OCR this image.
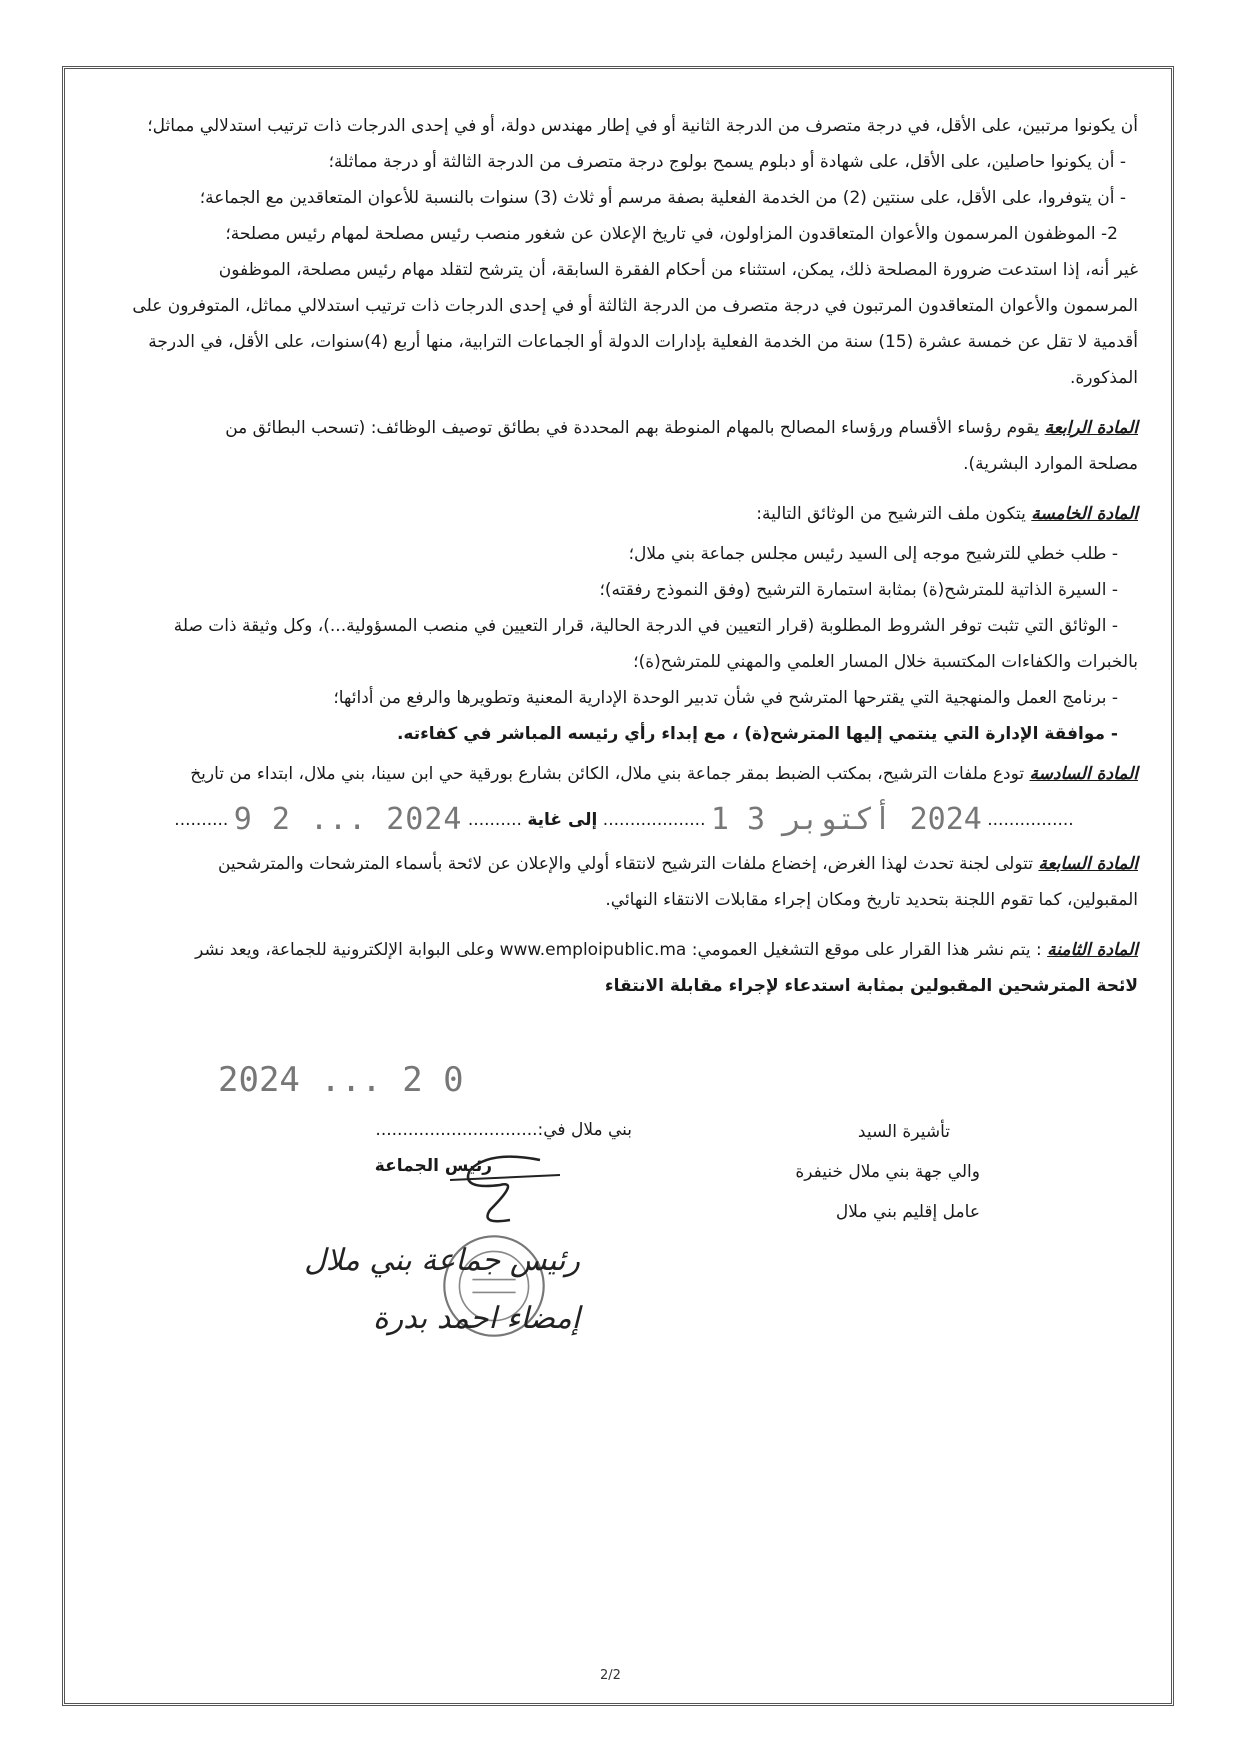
أن يكونوا مرتبين، على الأقل، في درجة متصرف من الدرجة الثانية أو في إطار مهندس دولة، أو في إحدى الدرجات ذات ترتيب استدلالي مماثل؛

- أن يكونوا حاصلين، على الأقل، على شهادة أو دبلوم يسمح بولوج درجة متصرف من الدرجة الثالثة أو درجة مماثلة؛

- أن يتوفروا، على الأقل، على سنتين (2) من الخدمة الفعلية بصفة مرسم أو ثلاث (3) سنوات بالنسبة للأعوان المتعاقدين مع الجماعة؛

2- الموظفون المرسمون والأعوان المتعاقدون المزاولون، في تاريخ الإعلان عن شغور منصب رئيس مصلحة لمهام رئيس مصلحة؛

غير أنه، إذا استدعت ضرورة المصلحة ذلك، يمكن، استثناء من أحكام الفقرة السابقة، أن يترشح لتقلد مهام رئيس مصلحة، الموظفون

المرسمون والأعوان المتعاقدون المرتبون في درجة متصرف من الدرجة الثالثة أو في إحدى الدرجات ذات ترتيب استدلالي مماثل، المتوفرون على

أقدمية لا تقل عن خمسة عشرة (15) سنة من الخدمة الفعلية بإدارات الدولة أو الجماعات الترابية، منها أربع (4)سنوات، على الأقل، في الدرجة

المذكورة.

المادة الرابعة يقوم رؤساء الأقسام ورؤساء المصالح بالمهام المنوطة بهم المحددة في بطائق توصيف الوظائف: (تسحب البطائق من

مصلحة الموارد البشرية).

المادة الخامسة يتكون ملف الترشيح من الوثائق التالية:

- طلب خطي للترشيح موجه إلى السيد رئيس مجلس جماعة بني ملال؛

- السيرة الذاتية للمترشح(ة) بمثابة استمارة الترشيح (وفق النموذج رفقته)؛

- الوثائق التي تثبت توفر الشروط المطلوبة (قرار التعيين في الدرجة الحالية، قرار التعيين في منصب المسؤولية...)، وكل وثيقة ذات صلة

بالخبرات والكفاءات المكتسبة خلال المسار العلمي والمهني للمترشح(ة)؛

- برنامج العمل والمنهجية التي يقترحها المترشح في شأن تدبير الوحدة الإدارية المعنية وتطويرها والرفع من أدائها؛

- موافقة الإدارة التي ينتمي إليها المترشح(ة) ، مع إبداء رأي رئيسه المباشر في كفاءته.

المادة السادسة تودع ملفات الترشيح، بمكتب الضبط بمقر جماعة بني ملال، الكائن بشارع بورقية حي ابن سينا، بني ملال، ابتداء من تاريخ

................ 2024 أكتوبر 3 1 ................... إلى غاية .......... 2024 ... 2 9 ..........

المادة السابعة تتولى لجنة تحدث لهذا الغرض، إخضاع ملفات الترشيح لانتقاء أولي والإعلان عن لائحة بأسماء المترشحات والمترشحين

المقبولين، كما تقوم اللجنة بتحديد تاريخ ومكان إجراء مقابلات الانتقاء النهائي.

المادة الثامنة : يتم نشر هذا القرار على موقع التشغيل العمومي: www.emploipublic.ma وعلى البوابة الإلكترونية للجماعة، ويعد نشر

لائحة المترشحين المقبولين بمثابة استدعاء لإجراء مقابلة الانتقاء

2024 ... 2 0
بني ملال في:..............................
رئيس الجماعة
تأشيرة السيد
والي جهة بني ملال خنيفرة
عامل إقليم بني ملال
رئيس جماعة بني ملال
إمضاء احمد بدرة
2/2
